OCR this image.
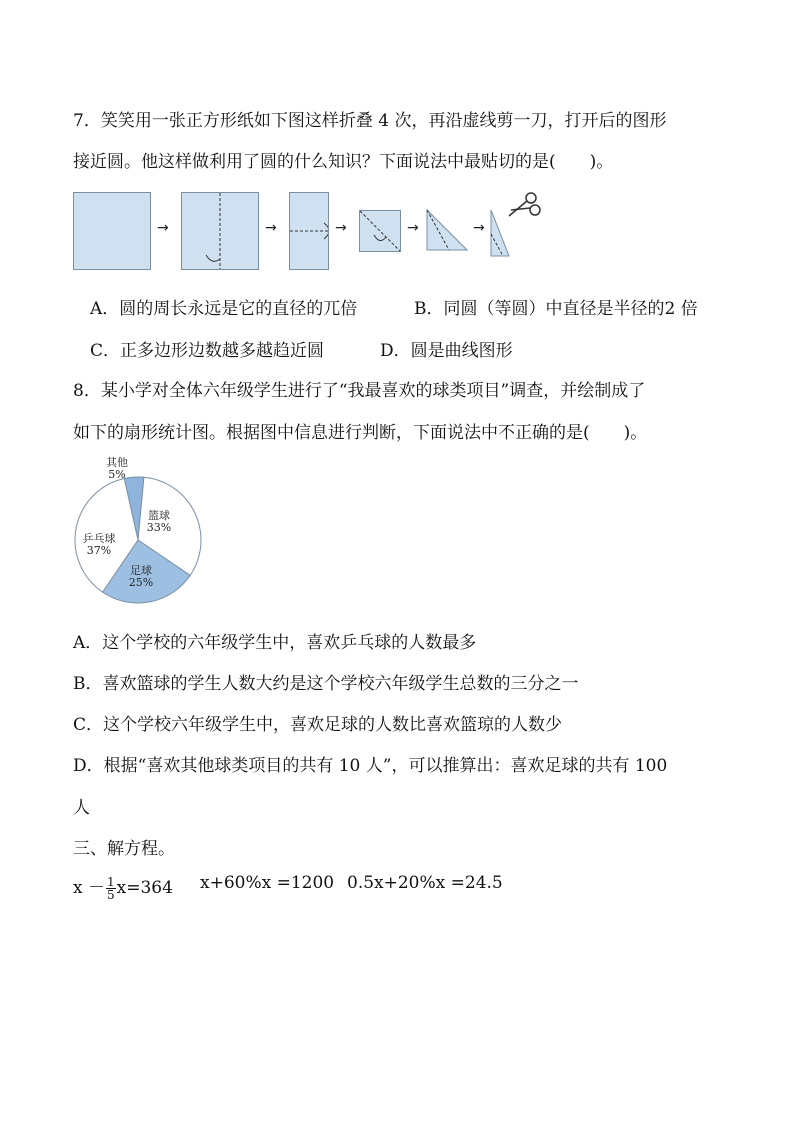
7．笑笑用一张正方形纸如下图这样折叠 4 次，再沿虚线剪一刀，打开后的图形
接近圆。他这样做利用了圆的什么知识？下面说法中最贴切的是(　　)。
→	→	→	→	→
A．圆的周长永远是它的直径的兀倍	B．同圆（等圆）中直径是半径的2 倍
C．正多边形边数越多越趋近圆	D．圆是曲线图形
8．某小学对全体六年级学生进行了“我最喜欢的球类项目”调查，并绘制成了
如下的扇形统计图。根据图中信息进行判断，下面说法中不正确的是(　　)。
其他
5%
篮球
33%
足球
25%
乒乓球
37%
A．这个学校的六年级学生中，喜欢乒乓球的人数最多
B．喜欢篮球的学生人数大约是这个学校六年级学生总数的三分之一
C．这个学校六年级学生中，喜欢足球的人数比喜欢篮琼的人数少
D．根据“喜欢其他球类项目的共有 10 人”，可以推算出：喜欢足球的共有 100
人
三、解方程。
$x - \frac{1}{5} x=364$ x+60%x =1200 0.5x+20%x =24.5
